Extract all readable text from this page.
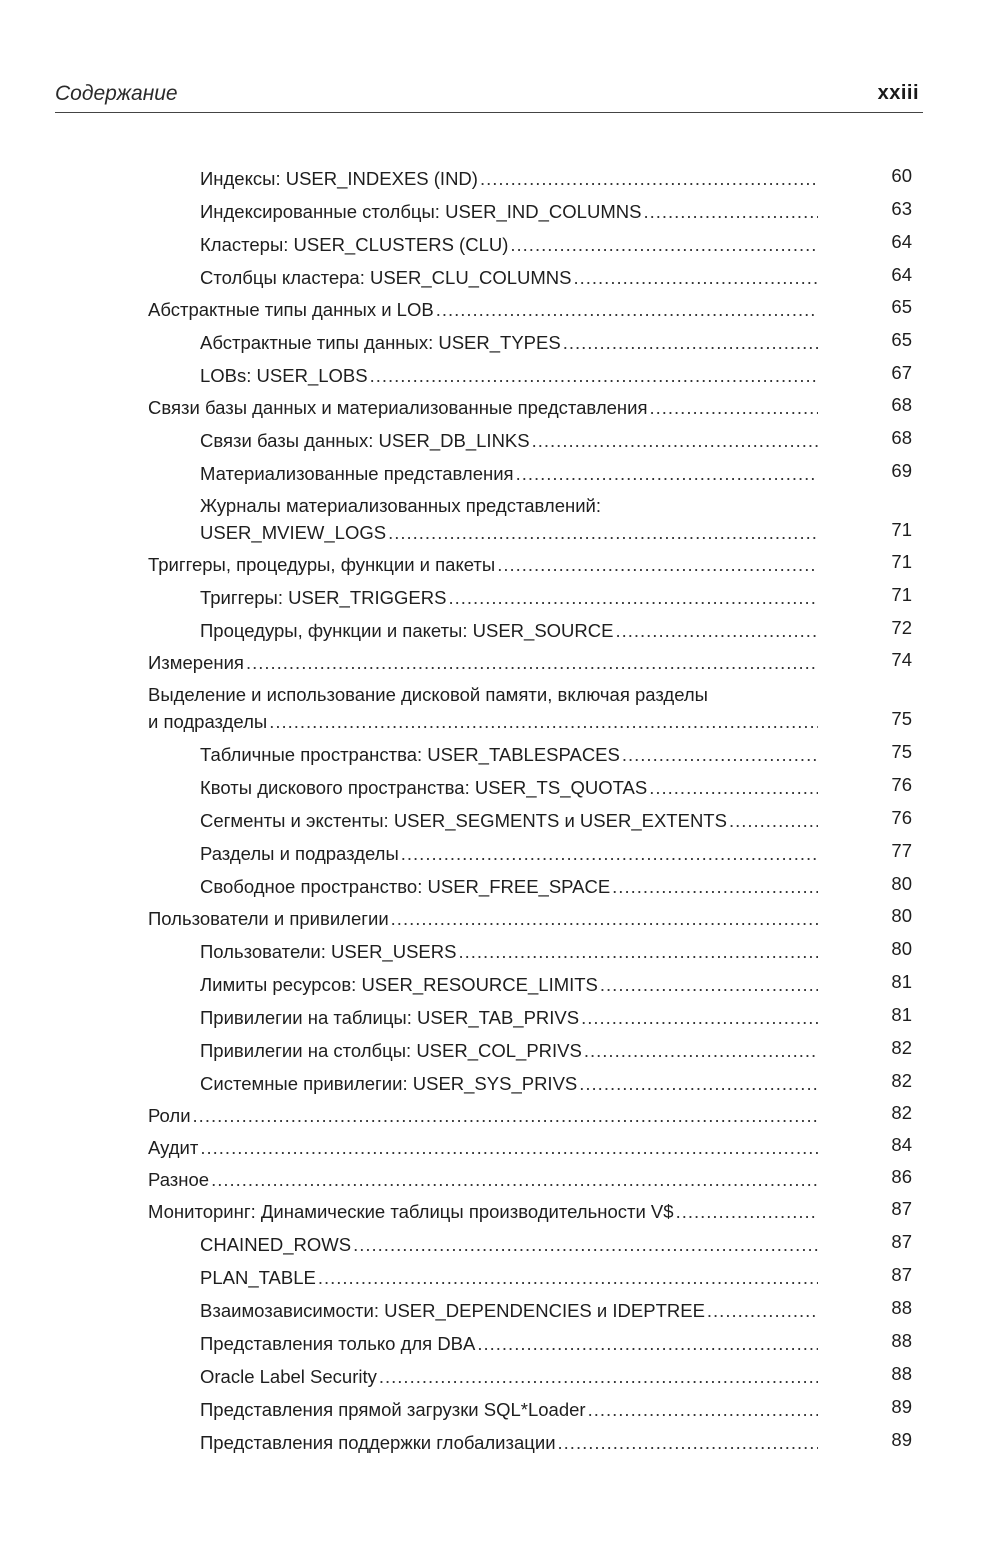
Содержание	xxiii
Индексы: USER_INDEXES (IND) .....	60
Индексированные столбцы: USER_IND_COLUMNS .....	63
Кластеры: USER_CLUSTERS (CLU) .....	64
Столбцы кластера: USER_CLU_COLUMNS .....	64
Абстрактные типы данных и LOB .....	65
Абстрактные типы данных: USER_TYPES .....	65
LOBs: USER_LOBS .....	67
Связи базы данных и материализованные представления .....	68
Связи базы данных: USER_DB_LINKS .....	68
Материализованные представления .....	69
Журналы материализованных представлений:
USER_MVIEW_LOGS .....	71
Триггеры, процедуры, функции и пакеты .....	71
Триггеры: USER_TRIGGERS .....	71
Процедуры, функции и пакеты: USER_SOURCE .....	72
Измерения .....	74
Выделение и использование дисковой памяти, включая разделы
и подразделы .....	75
Табличные пространства: USER_TABLESPACES .....	75
Квоты дискового пространства: USER_TS_QUOTAS .....	76
Сегменты и экстенты: USER_SEGMENTS и USER_EXTENTS .....	76
Разделы и подразделы .....	77
Свободное пространство: USER_FREE_SPACE .....	80
Пользователи и привилегии .....	80
Пользователи: USER_USERS .....	80
Лимиты ресурсов: USER_RESOURCE_LIMITS .....	81
Привилегии на таблицы: USER_TAB_PRIVS .....	81
Привилегии на столбцы: USER_COL_PRIVS .....	82
Системные привилегии: USER_SYS_PRIVS .....	82
Роли .....	82
Аудит .....	84
Разное .....	86
Мониторинг: Динамические таблицы производительности V$ .....	87
CHAINED_ROWS .....	87
PLAN_TABLE .....	87
Взаимозависимости: USER_DEPENDENCIES и IDEPTREE .....	88
Представления только для DBA .....	88
Oracle Label Security .....	88
Представления прямой загрузки SQL*Loader .....	89
Представления поддержки глобализации .....	89
